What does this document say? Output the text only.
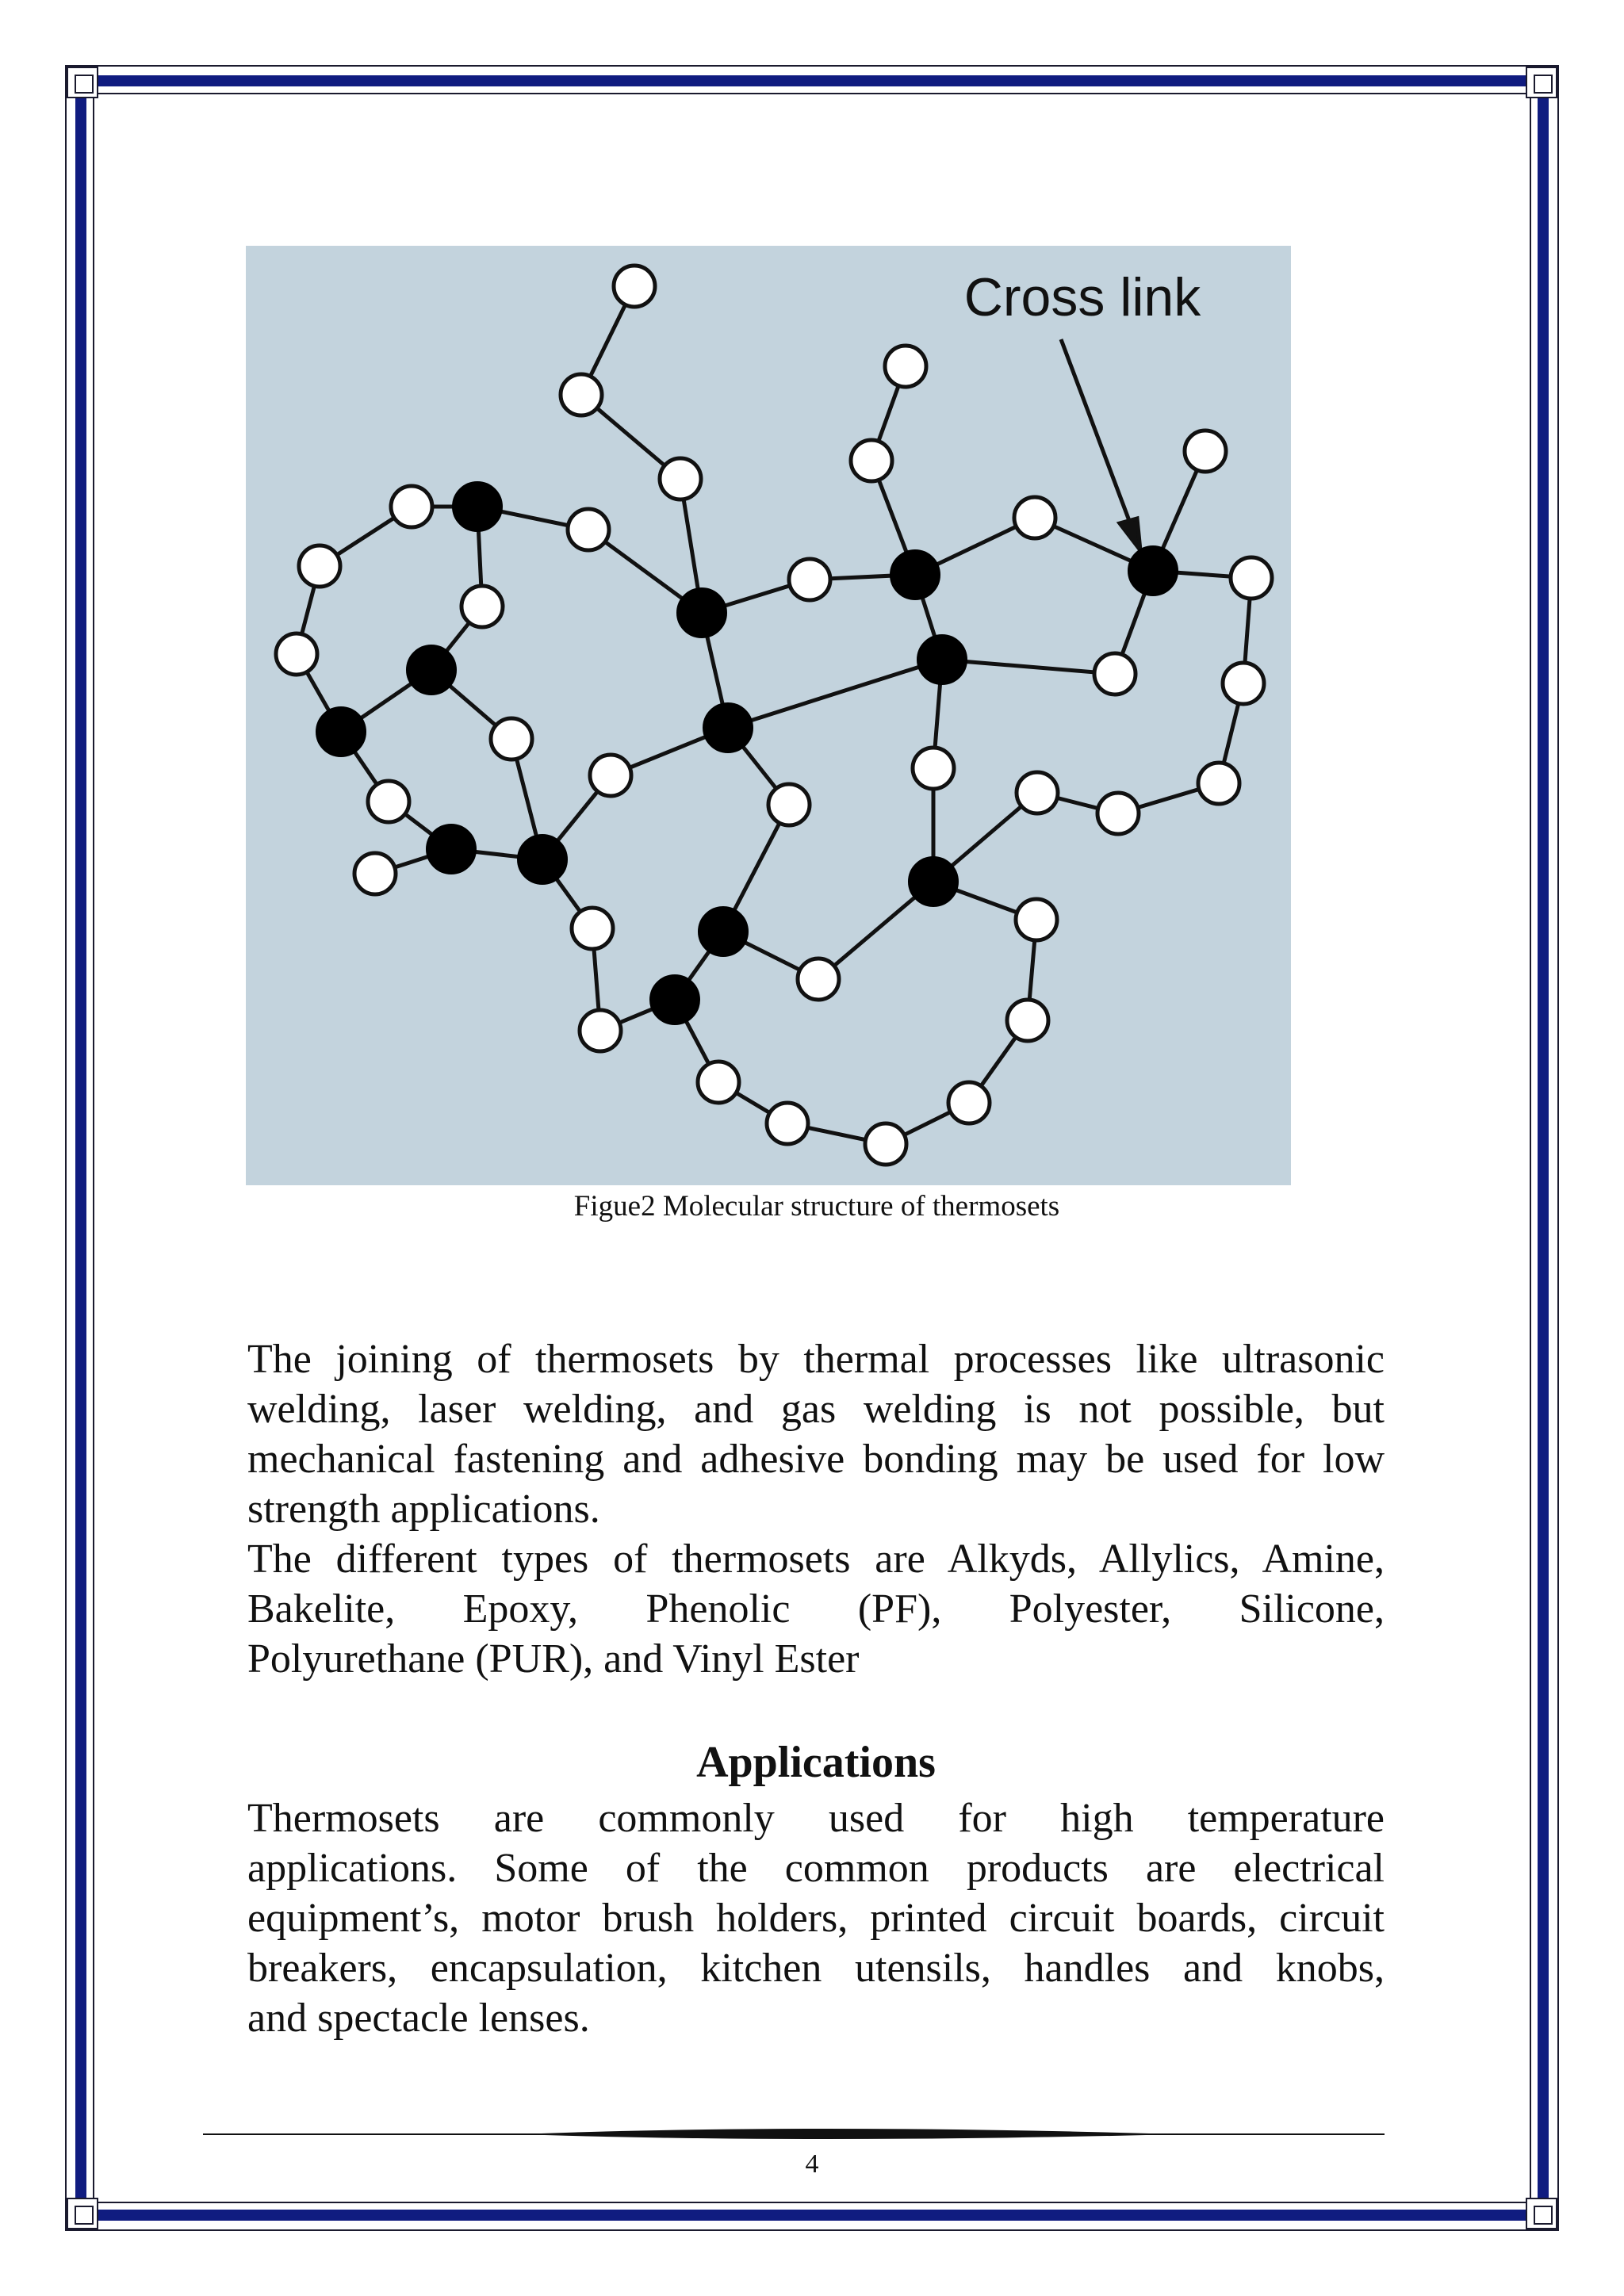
Cross link
Figue2 Molecular structure of thermosets
The joining of thermosets by thermal processes like ultrasonic
welding, laser welding, and gas welding is not possible, but
mechanical fastening and adhesive bonding may be used for low
strength applications.
The different types of thermosets are Alkyds, Allylics, Amine,
Bakelite, Epoxy, Phenolic (PF), Polyester, Silicone,
Polyurethane (PUR), and Vinyl Ester
Applications
Thermosets are commonly used for high temperature
applications. Some of the common products are electrical
equipment’s, motor brush holders, printed circuit boards, circuit
breakers, encapsulation, kitchen utensils, handles and knobs,
and spectacle lenses.
4
